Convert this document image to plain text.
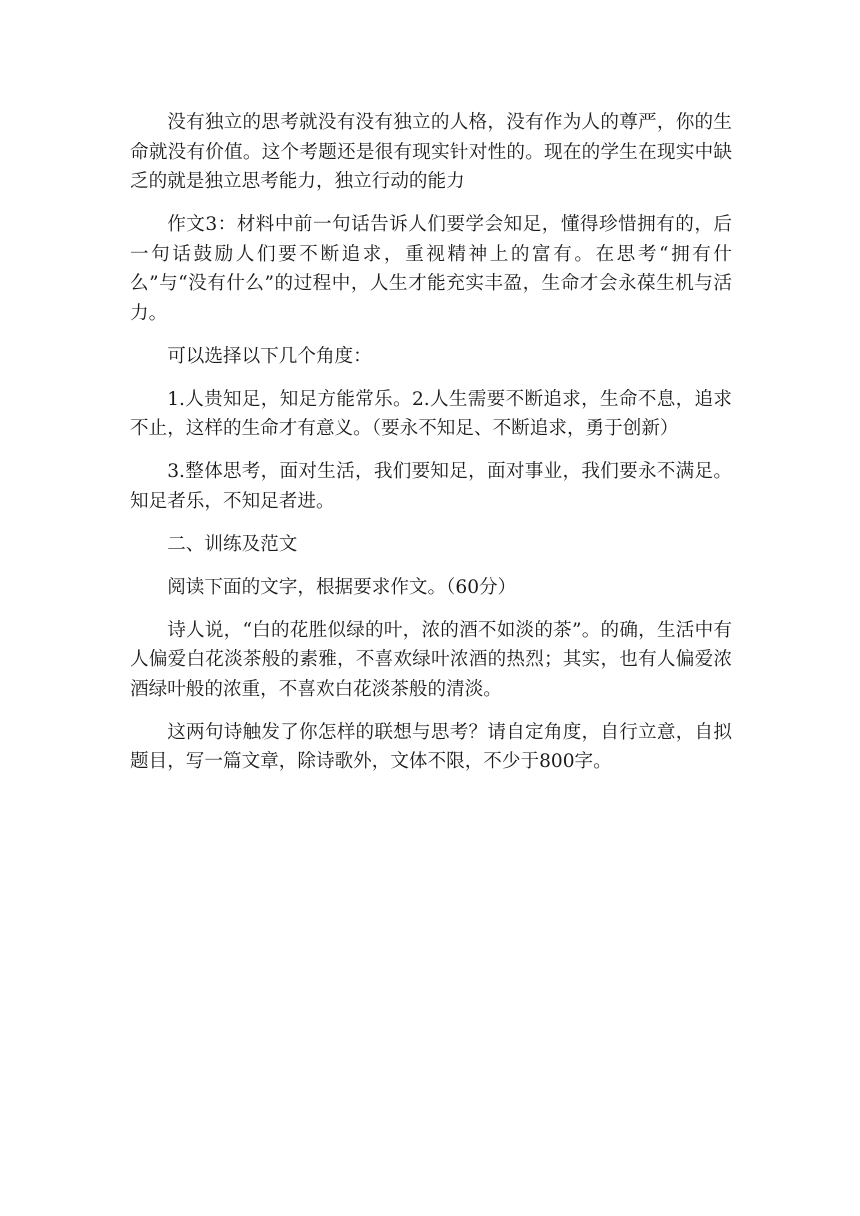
没有独立的思考就没有没有独立的人格，没有作为人的尊严，你的生命就没有价值。这个考题还是很有现实针对性的。现在的学生在现实中缺乏的就是独立思考能力，独立行动的能力

作文3：材料中前一句话告诉人们要学会知足，懂得珍惜拥有的，后一句话鼓励人们要不断追求，重视精神上的富有。在思考“拥有什么”与“没有什么”的过程中，人生才能充实丰盈，生命才会永葆生机与活力。

可以选择以下几个角度：

1.人贵知足，知足方能常乐。2.人生需要不断追求，生命不息，追求不止，这样的生命才有意义。（要永不知足、不断追求，勇于创新）

3.整体思考，面对生活，我们要知足，面对事业，我们要永不满足。知足者乐，不知足者进。

二、训练及范文

阅读下面的文字，根据要求作文。（60分）

诗人说，“白的花胜似绿的叶，浓的酒不如淡的茶”。的确，生活中有人偏爱白花淡茶般的素雅，不喜欢绿叶浓酒的热烈；其实，也有人偏爱浓酒绿叶般的浓重，不喜欢白花淡茶般的清淡。

这两句诗触发了你怎样的联想与思考？请自定角度，自行立意，自拟题目，写一篇文章，除诗歌外，文体不限，不少于800字。
